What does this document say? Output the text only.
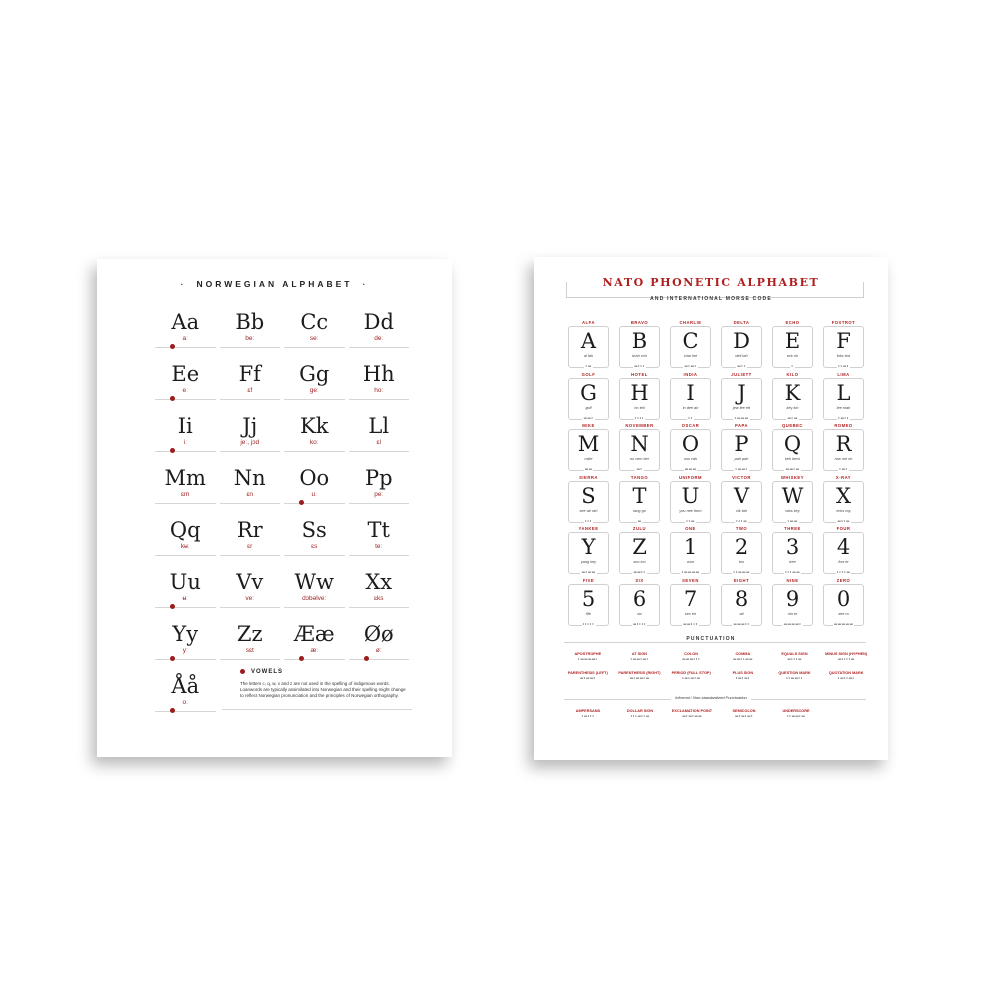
· NORWEGIAN ALPHABET ·
Aa
aː
Bb
beː
Cc
seː
Dd
deː
Ee
eː
Ff
ɛf
Gg
geː
Hh
hoː
Ii
iː
Jj
jeː, jɔd
Kk
koː
Ll
ɛl
Mm
ɛm
Nn
ɛn
Oo
uː
Pp
peː
Qq
kʉː
Rr
ɛr
Ss
ɛs
Tt
teː
Uu
ʉː
Vv
veː
Ww
dɔbəlveː
Xx
ɛks
Yy
yː
Zz
sɛt
Ææ
æː
Øø
øː
Åå
oː
VOWELS
The letters c, q, w, x and z are not used in the spelling of indigenous words. Loanwords are typically assimilated into Norwegian and their spelling might change to reflect Norwegian pronunciation and the principles of Norwegian orthography.
NATO PHONETIC ALPHABET
AND INTERNATIONAL MORSE CODE
ALFA
A
al fah
·−
BRAVO
B
brah voh
−···
CHARLIE
C
char lee
−·−·
DELTA
D
dell tah
−··
ECHO
E
eck oh
·
FOXTROT
F
foks trot
··−·
GOLF
G
golf
−−·
HOTEL
H
ho tell
····
INDIA
I
in dee ah
··
JULIETT
J
jew lee ett
·−−−
KILO
K
key loh
−·−
LIMA
L
lee mah
·−··
MIKE
M
mike
−−
NOVEMBER
N
no vem ber
−·
OSCAR
O
oss cah
−−−
PAPA
P
pah pah
·−−·
QUEBEC
Q
keh beck
−−·−
ROMEO
R
row me oh
·−·
SIERRA
S
see air rah
···
TANGO
T
tang go
−
UNIFORM
U
you nee form
··−
VICTOR
V
vik tah
···−
WHISKEY
W
wiss key
·−−
X-RAY
X
ecks ray
−··−
YANKEE
Y
yang key
−·−−
ZULU
Z
zoo loo
−−··
ONE
1
wun
·−−−−
TWO
2
too
··−−−
THREE
3
tree
···−−
FOUR
4
fow er
····−
FIVE
5
fife
·····
SIX
6
six
−····
SEVEN
7
sev en
−−···
EIGHT
8
ait
−−−··
NINE
9
nin er
−−−−·
ZERO
0
zee ro
−−−−−
PUNCTUATION
APOSTROPHE
·−−−−·
AT SIGN
·−−·−·
COLON
−−−···
COMMA
−−··−−
EQUALS SIGN
−···−
MINUS SIGN (HYPHEN)
−····−
PARENTHESIS (LEFT)
−·−−·
PARENTHESIS (RIGHT)
−·−−·−
PERIOD (FULL STOP)
·−·−·−
PLUS SIGN
·−·−·
QUESTION MARK
··−−··
QUOTATION MARK
·−··−·
Informal / Non-standardized Punctuation
AMPERSAND
·−···
DOLLAR SIGN
···−··−
EXCLAMATION POINT
−·−·−−
SEMICOLON
−·−·−·
UNDERSCORE
··−−·−
